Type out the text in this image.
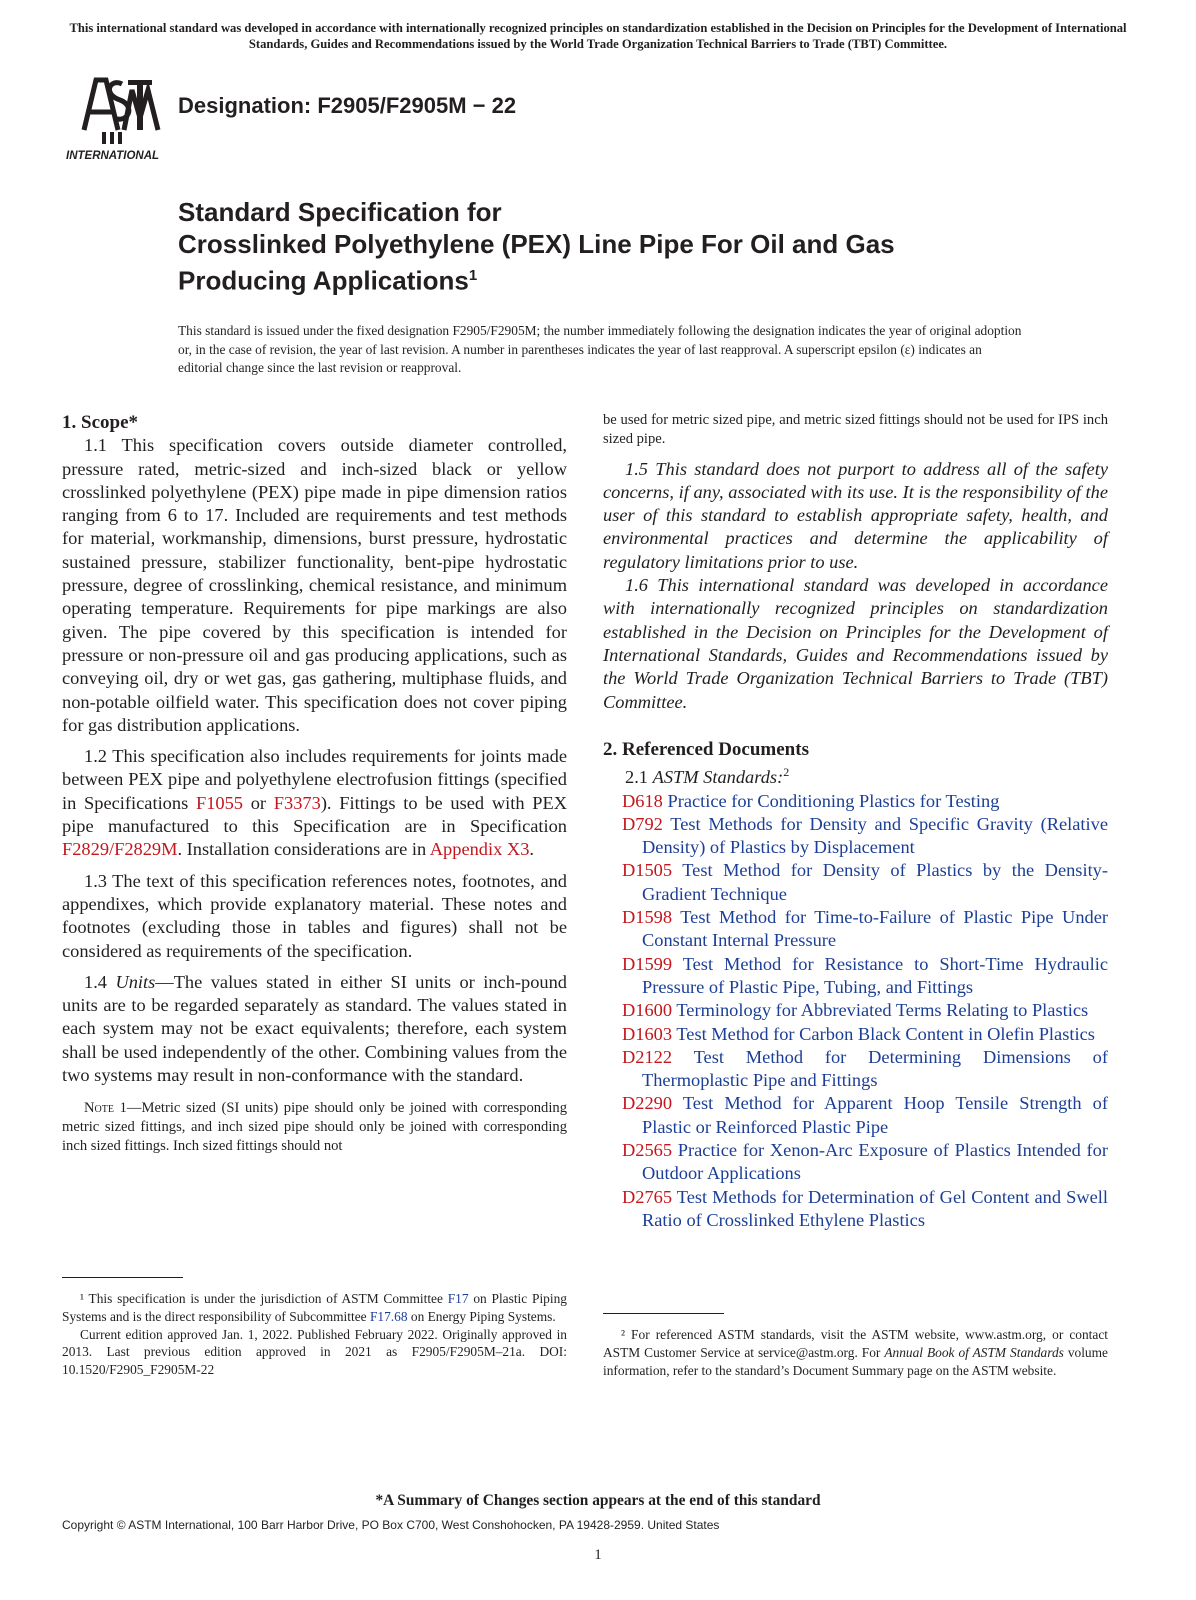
This international standard was developed in accordance with internationally recognized principles on standardization established in the Decision on Principles for the Development of International Standards, Guides and Recommendations issued by the World Trade Organization Technical Barriers to Trade (TBT) Committee.
INTERNATIONAL
Designation: F2905/F2905M − 22
Standard Specification for
Crosslinked Polyethylene (PEX) Line Pipe For Oil and Gas
Producing Applications$^1$
This standard is issued under the fixed designation F2905/F2905M; the number immediately following the designation indicates the year of original adoption or, in the case of revision, the year of last revision. A number in parentheses indicates the year of last reapproval. A superscript epsilon (ε) indicates an editorial change since the last revision or reapproval.

1. Scope*

1.1 This specification covers outside diameter controlled, pressure rated, metric-sized and inch-sized black or yellow crosslinked polyethylene (PEX) pipe made in pipe dimension ratios ranging from 6 to 17. Included are requirements and test methods for material, workmanship, dimensions, burst pressure, hydrostatic sustained pressure, stabilizer functionality, bent-pipe hydrostatic pressure, degree of crosslinking, chemical resistance, and minimum operating temperature. Requirements for pipe markings are also given. The pipe covered by this specification is intended for pressure or non-pressure oil and gas producing applications, such as conveying oil, dry or wet gas, gas gathering, multiphase fluids, and non-potable oilfield water. This specification does not cover piping for gas distribution applications.

1.2 This specification also includes requirements for joints made between PEX pipe and polyethylene electrofusion fittings (specified in Specifications F1055 or F3373). Fittings to be used with PEX pipe manufactured to this Specification are in Specification F2829/F2829M. Installation considerations are in Appendix X3.

1.3 The text of this specification references notes, footnotes, and appendixes, which provide explanatory material. These notes and footnotes (excluding those in tables and figures) shall not be considered as requirements of the specification.

1.4 Units—The values stated in either SI units or inch-pound units are to be regarded separately as standard. The values stated in each system may not be exact equivalents; therefore, each system shall be used independently of the other. Combining values from the two systems may result in non-conformance with the standard.

Note 1—Metric sized (SI units) pipe should only be joined with corresponding metric sized fittings, and inch sized pipe should only be joined with corresponding inch sized fittings. Inch sized fittings should not

¹ This specification is under the jurisdiction of ASTM Committee F17 on Plastic Piping Systems and is the direct responsibility of Subcommittee F17.68 on Energy Piping Systems.
Current edition approved Jan. 1, 2022. Published February 2022. Originally approved in 2013. Last previous edition approved in 2021 as F2905/F2905M–21a. DOI: 10.1520/F2905_F2905M-22

be used for metric sized pipe, and metric sized fittings should not be used for IPS inch sized pipe.

1.5 This standard does not purport to address all of the safety concerns, if any, associated with its use. It is the responsibility of the user of this standard to establish appropriate safety, health, and environmental practices and determine the applicability of regulatory limitations prior to use.

1.6 This international standard was developed in accordance with internationally recognized principles on standardization established in the Decision on Principles for the Development of International Standards, Guides and Recommendations issued by the World Trade Organization Technical Barriers to Trade (TBT) Committee.

2. Referenced Documents

2.1 ASTM Standards:$^2$

D618 Practice for Conditioning Plastics for Testing
D792 Test Methods for Density and Specific Gravity (Relative Density) of Plastics by Displacement
D1505 Test Method for Density of Plastics by the Density-Gradient Technique
D1598 Test Method for Time-to-Failure of Plastic Pipe Under Constant Internal Pressure
D1599 Test Method for Resistance to Short-Time Hydraulic Pressure of Plastic Pipe, Tubing, and Fittings
D1600 Terminology for Abbreviated Terms Relating to Plastics
D1603 Test Method for Carbon Black Content in Olefin Plastics
D2122 Test Method for Determining Dimensions of Thermoplastic Pipe and Fittings
D2290 Test Method for Apparent Hoop Tensile Strength of Plastic or Reinforced Plastic Pipe
D2565 Practice for Xenon-Arc Exposure of Plastics Intended for Outdoor Applications
D2765 Test Methods for Determination of Gel Content and Swell Ratio of Crosslinked Ethylene Plastics
² For referenced ASTM standards, visit the ASTM website, www.astm.org, or contact ASTM Customer Service at service@astm.org. For Annual Book of ASTM Standards volume information, refer to the standard’s Document Summary page on the ASTM website.
*A Summary of Changes section appears at the end of this standard
Copyright © ASTM International, 100 Barr Harbor Drive, PO Box C700, West Conshohocken, PA 19428-2959. United States
1
